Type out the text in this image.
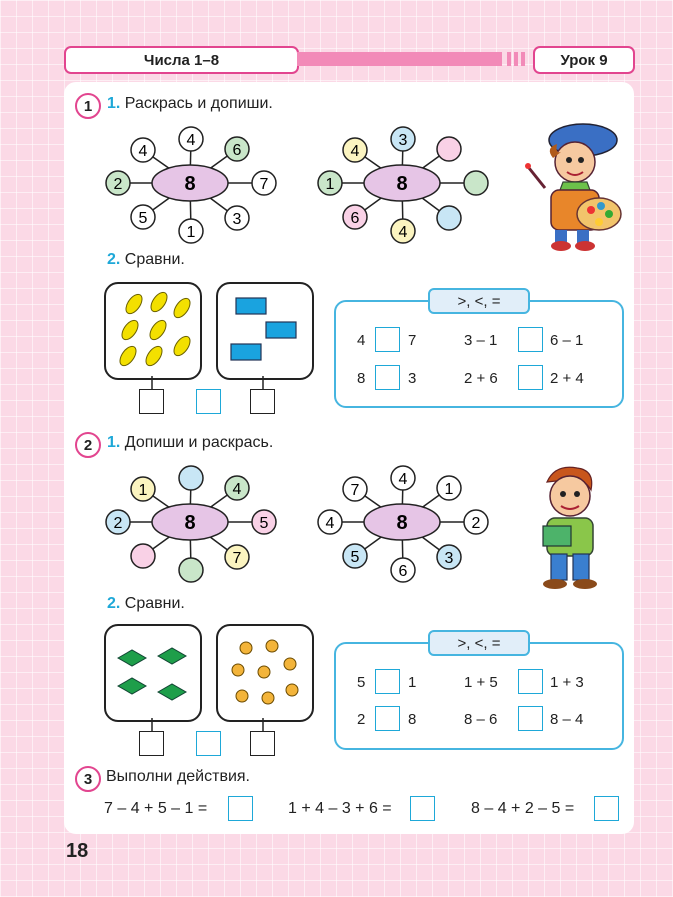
Числа 1–8	Урок 9
1 1. Раскрась и допиши.
8
4
4
6
7
3
1
5
2	8
4
3
4
6
1
2. Сравни.
>, <, =
4	7	3 – 1	6 – 1
8	3	2 + 6	2 + 4
2 1. Допиши и раскрась.
8
1	4
5
7
2	8
7
4
1
2
3
6
5
4
2. Сравни.
>, <, =
5	1	1 + 5	1 + 3
2	8	8 – 6	8 – 4
3 Выполни действия.
7 – 4 + 5 – 1 =	1 + 4 – 3 + 6 =	8 – 4 + 2 – 5 =
18
